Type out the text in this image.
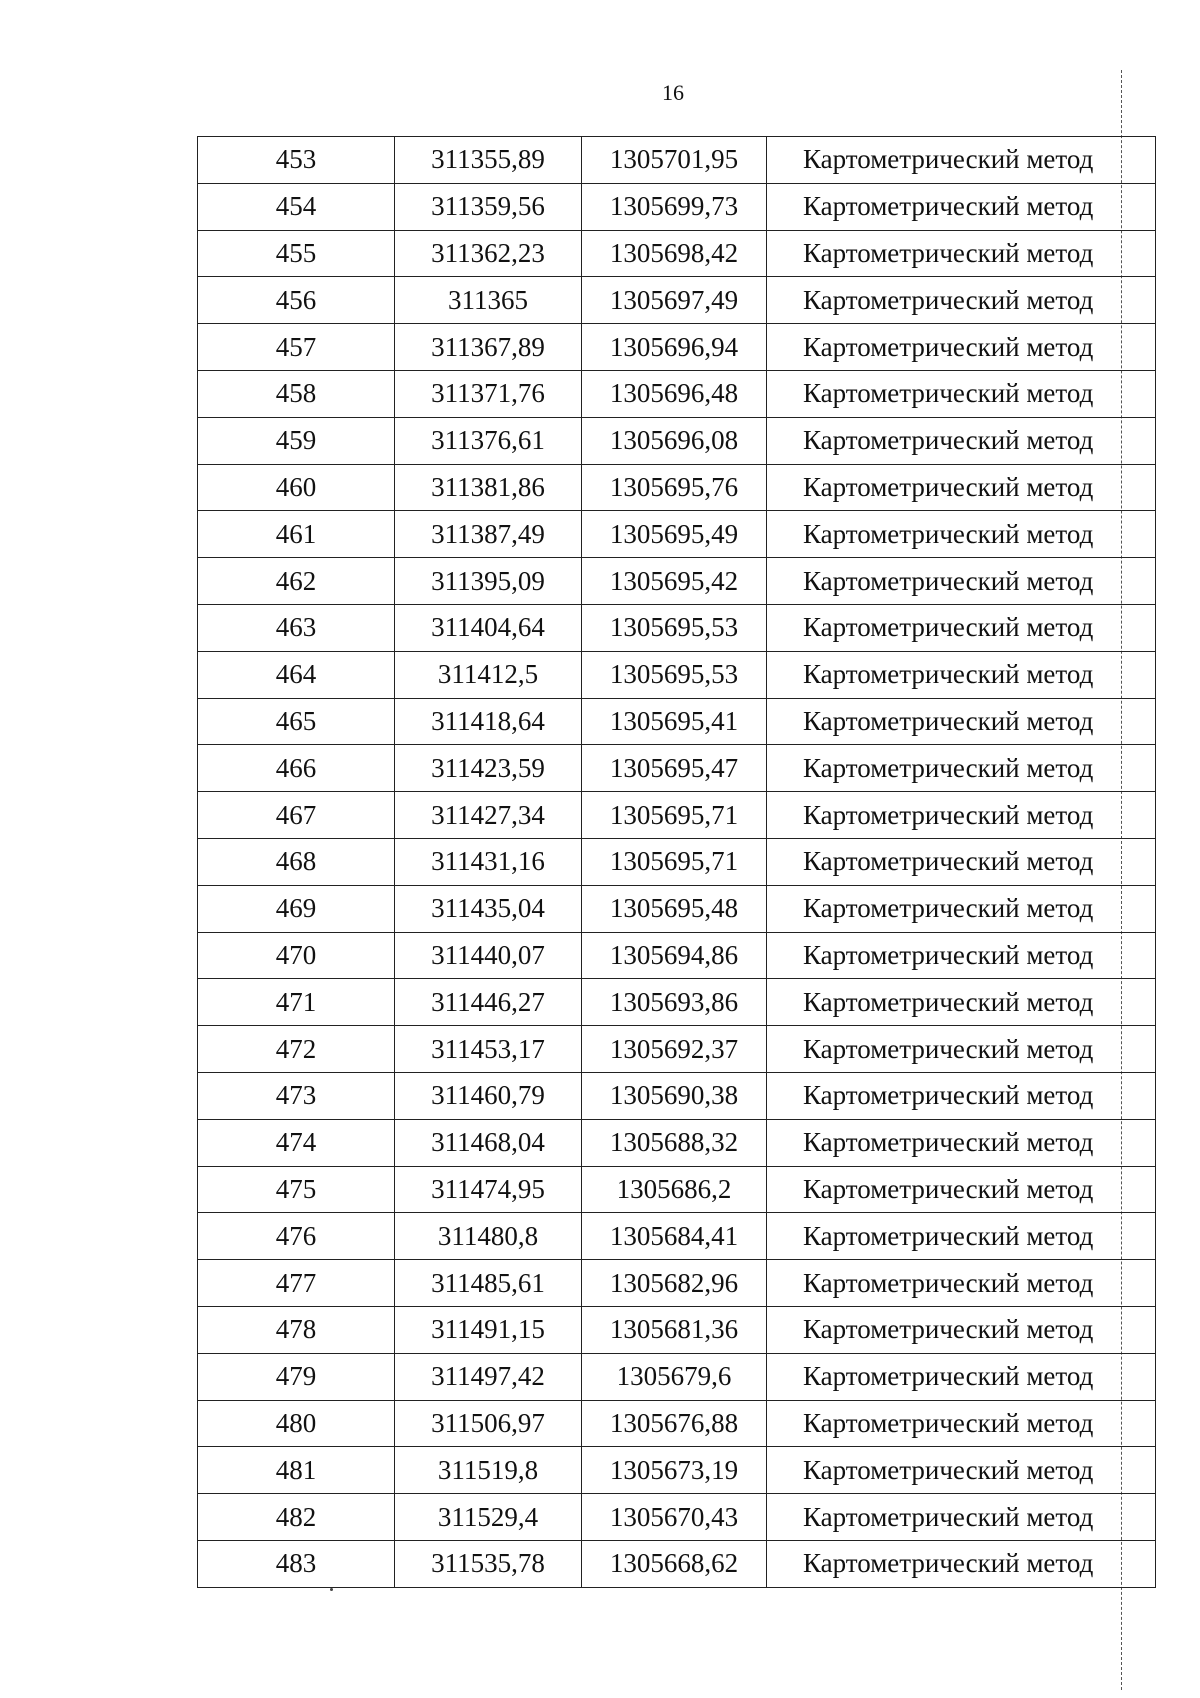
16
453	311355,89	1305701,95	Картометрический метод
454	311359,56	1305699,73	Картометрический метод
455	311362,23	1305698,42	Картометрический метод
456	311365	1305697,49	Картометрический метод
457	311367,89	1305696,94	Картометрический метод
458	311371,76	1305696,48	Картометрический метод
459	311376,61	1305696,08	Картометрический метод
460	311381,86	1305695,76	Картометрический метод
461	311387,49	1305695,49	Картометрический метод
462	311395,09	1305695,42	Картометрический метод
463	311404,64	1305695,53	Картометрический метод
464	311412,5	1305695,53	Картометрический метод
465	311418,64	1305695,41	Картометрический метод
466	311423,59	1305695,47	Картометрический метод
467	311427,34	1305695,71	Картометрический метод
468	311431,16	1305695,71	Картометрический метод
469	311435,04	1305695,48	Картометрический метод
470	311440,07	1305694,86	Картометрический метод
471	311446,27	1305693,86	Картометрический метод
472	311453,17	1305692,37	Картометрический метод
473	311460,79	1305690,38	Картометрический метод
474	311468,04	1305688,32	Картометрический метод
475	311474,95	1305686,2	Картометрический метод
476	311480,8	1305684,41	Картометрический метод
477	311485,61	1305682,96	Картометрический метод
478	311491,15	1305681,36	Картометрический метод
479	311497,42	1305679,6	Картометрический метод
480	311506,97	1305676,88	Картометрический метод
481	311519,8	1305673,19	Картометрический метод
482	311529,4	1305670,43	Картометрический метод
483	311535,78	1305668,62	Картометрический метод
